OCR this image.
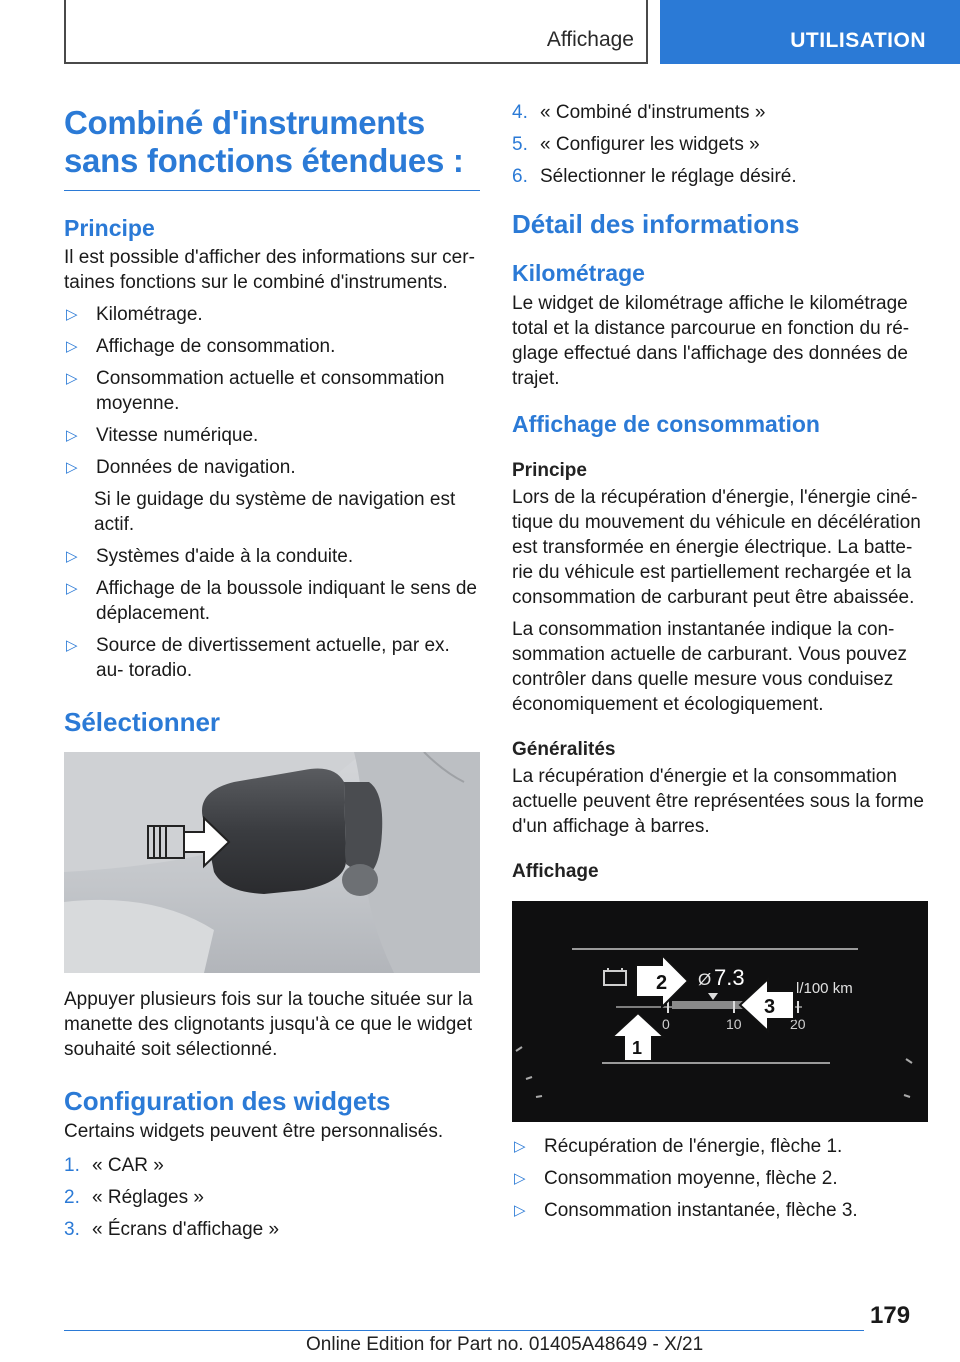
Affichage	UTILISATION
Combiné d'instruments
sans fonctions étendues :
Principe

Il est possible d'afficher des informations sur cer‐ taines fonctions sur le combiné d'instruments.

▷ Kilométrage.
▷ Affichage de consommation.
▷ Consommation actuelle et consommation moyenne.
▷ Vitesse numérique.
▷ Données de navigation.

Si le guidage du système de navigation est actif.

▷ Systèmes d'aide à la conduite.
▷ Affichage de la boussole indiquant le sens de déplacement.
▷ Source de divertissement actuelle, par ex. au‐ toradio.
Sélectionner

Appuyer plusieurs fois sur la touche située sur la manette des clignotants jusqu'à ce que le widget souhaité soit sélectionné.

Configuration des widgets

Certains widgets peuvent être personnalisés.

1. « CAR »
2. « Réglages »
3. « Écrans d'affichage »
4. « Combiné d'instruments »
5. « Configurer les widgets »
6. Sélectionner le réglage désiré.
Détail des informations
Kilométrage

Le widget de kilométrage affiche le kilométrage total et la distance parcourue en fonction du ré‐ glage effectué dans l'affichage des données de trajet.

Affichage de consommation
Principe

Lors de la récupération d'énergie, l'énergie ciné‐ tique du mouvement du véhicule en décélération est transformée en énergie électrique. La batte‐ rie du véhicule est partiellement rechargée et la consommation de carburant peut être abaissée.

La consommation instantanée indique la con‐ sommation actuelle de carburant. Vous pouvez contrôler dans quelle mesure vous conduisez économiquement et écologiquement.

Généralités

La récupération d'énergie et la consommation actuelle peuvent être représentées sous la forme d'un affichage à barres.

Affichage
Ø 7.3	l/100 km
0	10	20
1
2
3
▷ Récupération de l'énergie, flèche 1.
▷ Consommation moyenne, flèche 2.
▷ Consommation instantanée, flèche 3.
179
Online Edition for Part no. 01405A48649 - X/21
